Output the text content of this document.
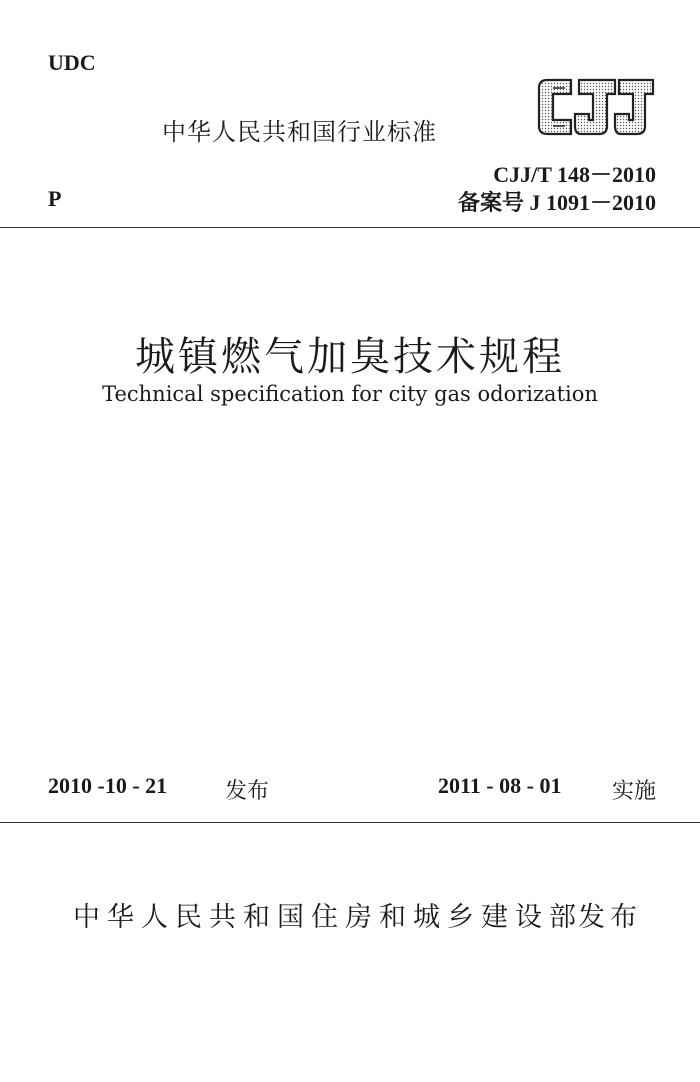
UDC
中华人民共和国行业标准
CJJ/T 148－2010
P	备案号 J 1091－2010
城镇燃气加臭技术规程
Technical specification for city gas odorization
2010 -10 - 21	发布	2011 - 08 - 01 实施
中华人民共和国住房和城乡建设部
发布
